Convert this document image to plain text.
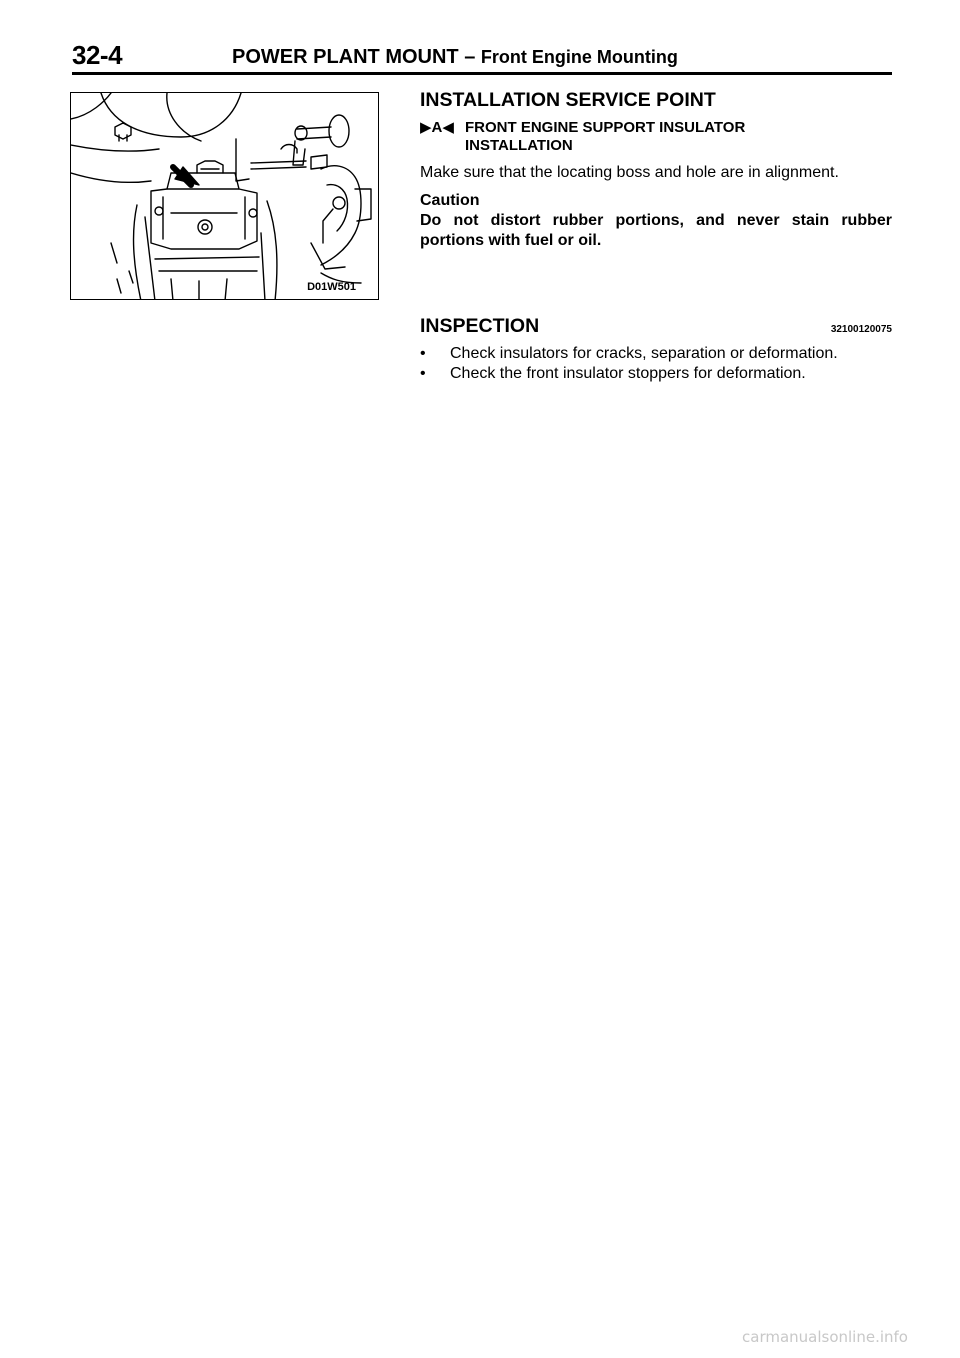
32-4	POWER PLANT MOUNT – Front Engine Mounting
D01W501
INSTALLATION SERVICE POINT
▶A◀ FRONT ENGINE SUPPORT INSULATOR
INSTALLATION

Make sure that the locating boss and hole are in alignment.

Caution

Do not distort rubber portions, and never stain rubber portions with fuel or oil.

INSPECTION	32100120075
• Check insulators for cracks, separation or deformation.
• Check the front insulator stoppers for deformation.
carmanualsonline.info
